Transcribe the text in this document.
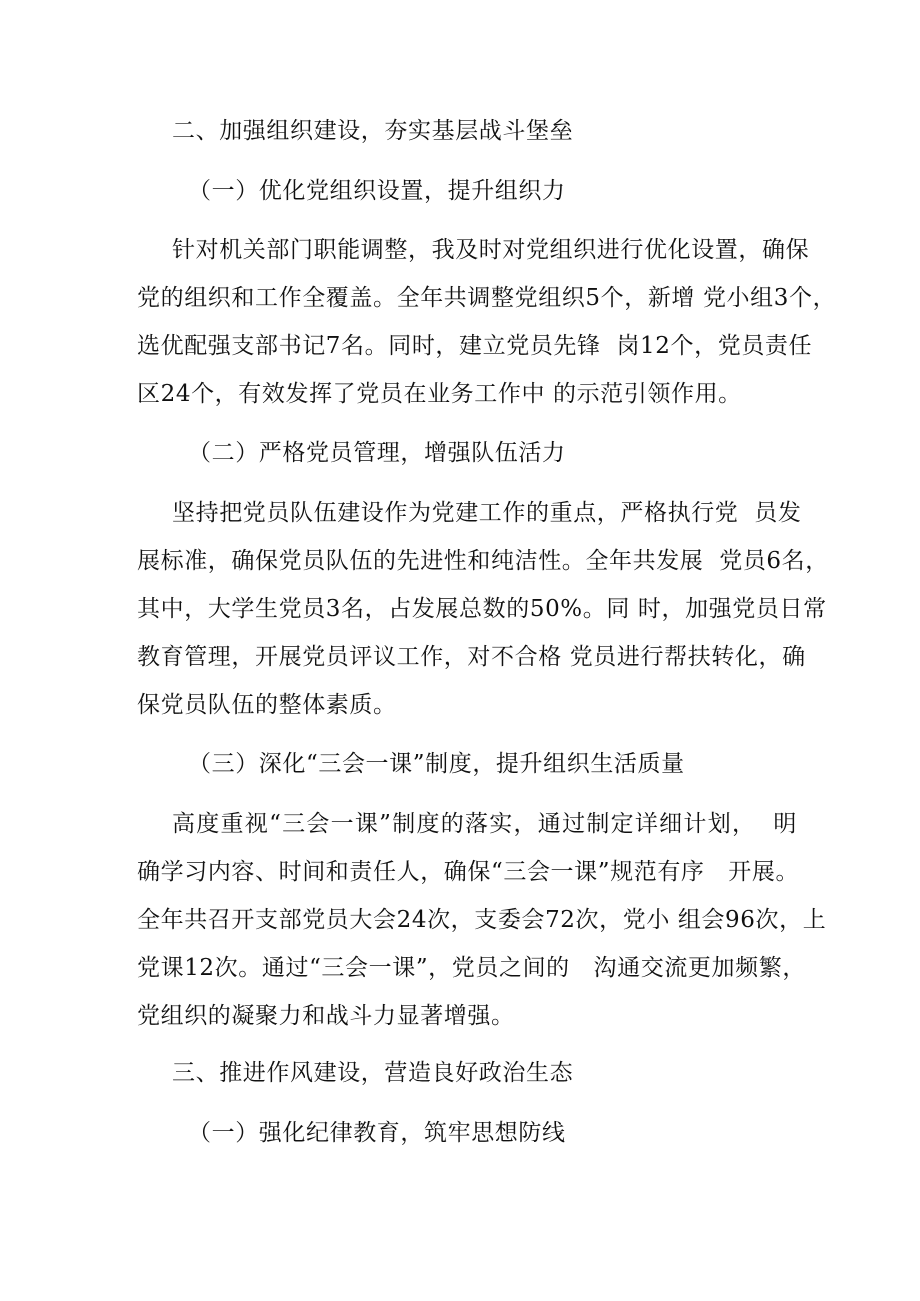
二、加强组织建设，夯实基层战斗堡垒
（一）优化党组织设置，提升组织力
针对机关部门职能调整，我及时对党组织进行优化设置，确保
党的组织和工作全覆盖。全年共调整党组织5个，新增 党小组3个，
选优配强支部书记7名。同时，建立党员先锋  岗12个，党员责任
区24个，有效发挥了党员在业务工作中 的示范引领作用。
（二）严格党员管理，增强队伍活力
坚持把党员队伍建设作为党建工作的重点，严格执行党  员发
展标准，确保党员队伍的先进性和纯洁性。全年共发展  党员6名，
其中，大学生党员3名，占发展总数的50%。同 时，加强党员日常
教育管理，开展党员评议工作，对不合格 党员进行帮扶转化，确
保党员队伍的整体素质。
（三）深化“三会一课”制度，提升组织生活质量
高度重视“三会一课”制度的落实，通过制定详细计划，  明
确学习内容、时间和责任人，确保“三会一课”规范有序   开展。
全年共召开支部党员大会24次，支委会72次，党小 组会96次，上
党课12次。通过“三会一课”，党员之间的   沟通交流更加频繁，
党组织的凝聚力和战斗力显著增强。
三、推进作风建设，营造良好政治生态
（一）强化纪律教育，筑牢思想防线
